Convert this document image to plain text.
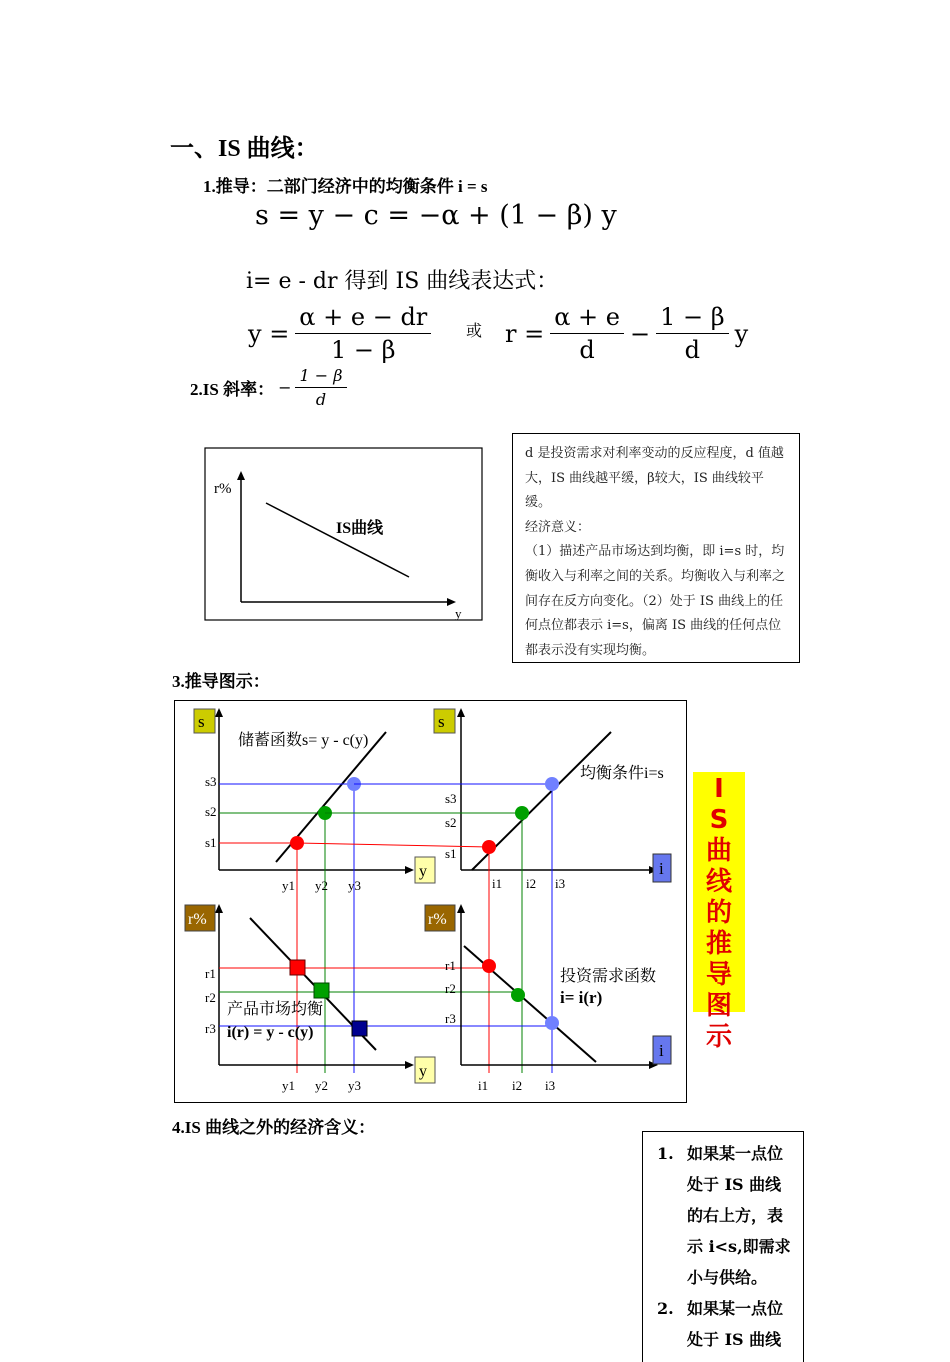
一、IS 曲线：
1.推导：二部门经济中的均衡条件 i = s
s = y − c = −α + (1 − β) y
i= e - dr 得到 IS 曲线表达式：
$y = \frac{\alpha + e - dr}{1 - \beta}$ 或 $r = \frac{\alpha + e}{d} - \frac{1 - \beta}{d}$ y
2.IS 斜率： − $\frac{1 - \beta}{d}$
r%
y
IS曲线

d 是投资需求对利率变动的反应程度，d 值越大，IS 曲线越平缓，β较大，IS 曲线较平缓。

经济意义：

（1）描述产品市场达到均衡，即 i=s 时，均衡收入与利率之间的关系。均衡收入与利率之间存在反方向变化。（2）处于 IS 曲线上的任何点位都表示 i=s，偏离 IS 曲线的任何点位都表示没有实现均衡。

3.推导图示：
s
y
储蓄函数s= y - c(y)
s3
s2
s1
y1 y2 y3
s
i
均衡条件i=s
s3
s2
s1
i1 i2 i3
r%
y
r1
r2
r3
产品市场均衡
i(r) = y - c(y)
y1 y2 y3
r%
i
r1
r2
r3
投资需求函数
i= i(r)
i1 i2 i3
I
S
曲
线
的
推
导
图
示
4.IS 曲线之外的经济含义：
1. 如果某一点位
处于 IS 曲线
的右上方，表
示 i<s,即需求
小与供给。
2. 如果某一点位
处于 IS 曲线
